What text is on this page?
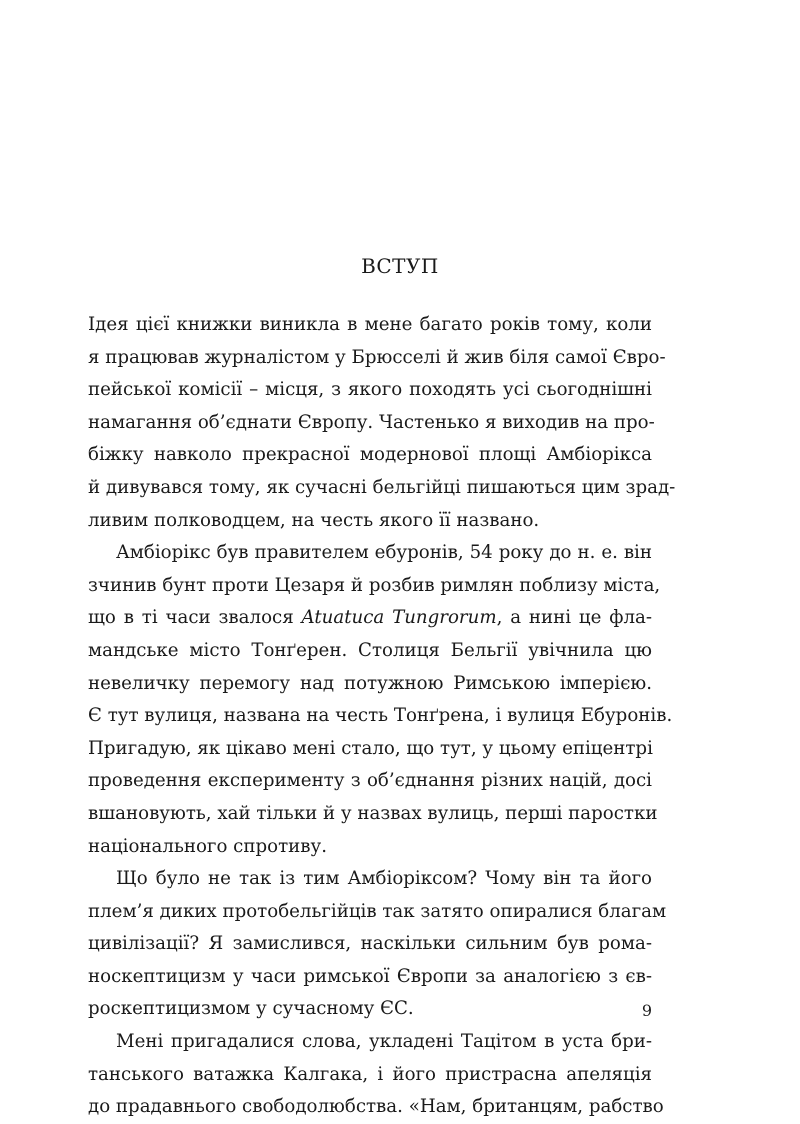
ВСТУП
Ідея цієї книжки виникла в мене багато років тому, коли
я працював журналістом у Брюсселі й жив біля самої Євро-
пейської комісії – місця, з якого походять усі сьогоднішні
намагання об’єднати Європу. Частенько я виходив на про-
біжку навколо прекрасної модернової площі Амбіорікса
й дивувався тому, як сучасні бельгійці пишаються цим зрад-
ливим полководцем, на честь якого її названо.
Амбіорікс був правителем ебуронів, 54 року до н. е. він
зчинив бунт проти Цезаря й розбив римлян поблизу міста,
що в ті часи звалося Atuatuca Tungrorum, а нині це фла-
мандське місто Тонґерен. Столиця Бельгії увічнила цю
невеличку перемогу над потужною Римською імперією.
Є тут вулиця, названа на честь Тонґрена, і вулиця Ебуронів.
Пригадую, як цікаво мені стало, що тут, у цьому епіцентрі
проведення експерименту з об’єднання різних націй, досі
вшановують, хай тільки й у назвах вулиць, перші паростки
національного спротиву.
Що було не так із тим Амбіоріксом? Чому він та його
плем’я диких протобельгійців так затято опиралися благам
цивілізації? Я замислився, наскільки сильним був рома-
носкептицизм у часи римської Європи за аналогією з єв-
роскептицизмом у сучасному ЄС.
Мені пригадалися слова, укладені Тацітом в уста бри-
танського ватажка Калгака, і його пристрасна апеляція
до прадавнього свободолюбства. «Нам, британцям, рабство
9
